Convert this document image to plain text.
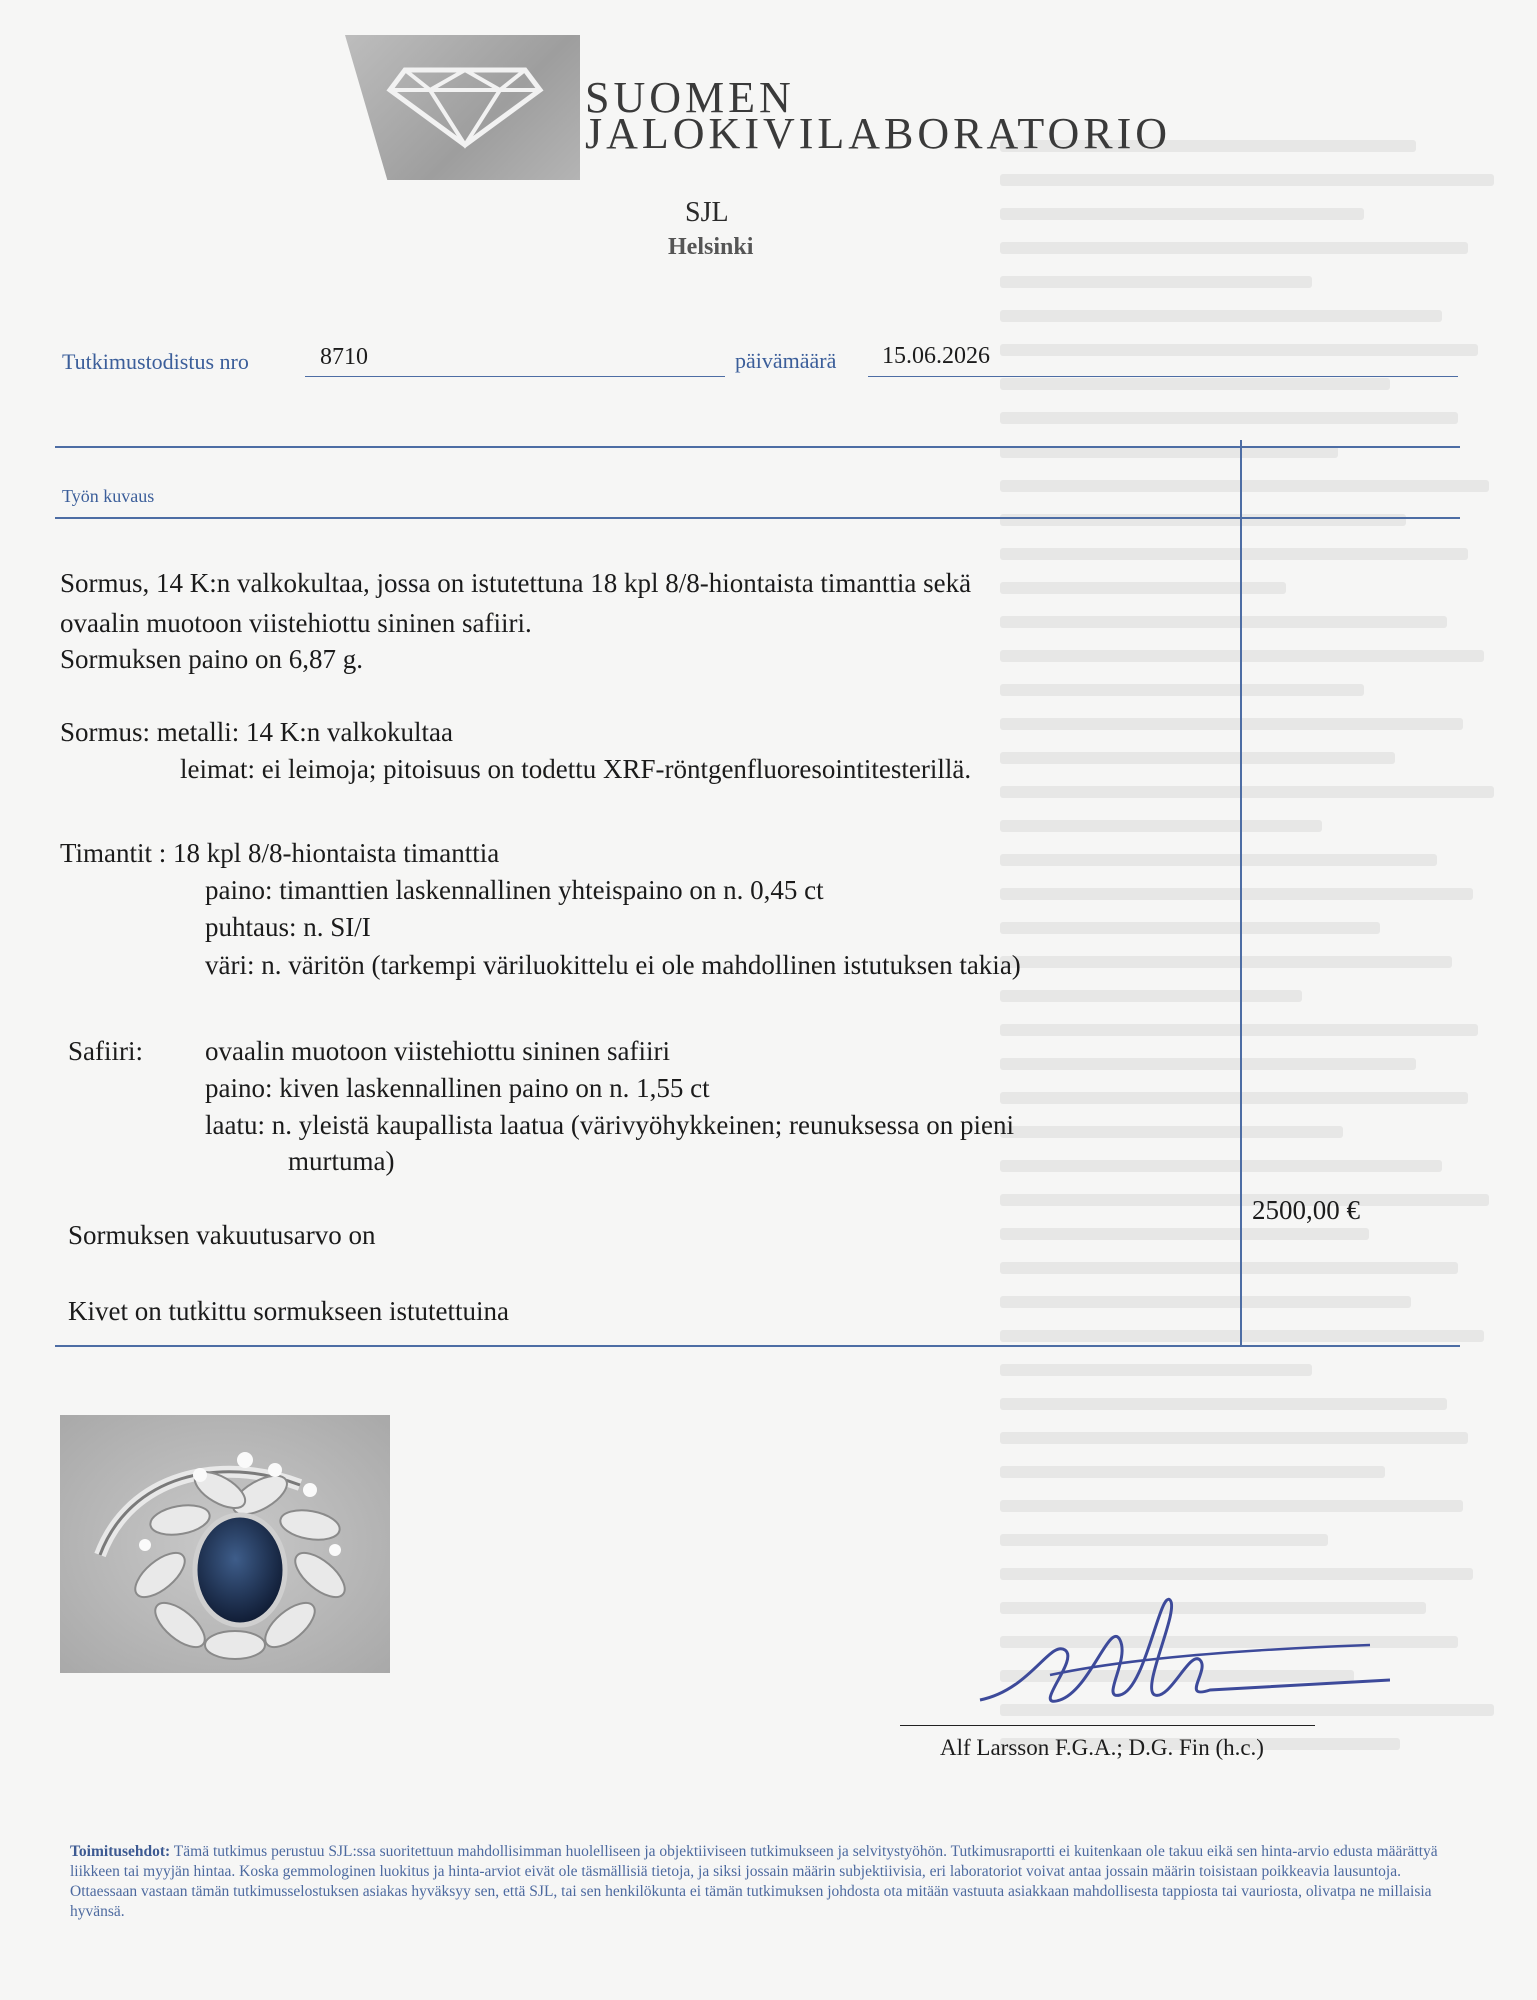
SUOMEN
JALOKIVILABORATORIO
SJL
Helsinki
Tutkimustodistus nro	8710	päivämäärä 15.06.2026
Työn kuvaus
Sormus, 14 K:n valkokultaa, jossa on istutettuna 18 kpl 8/8-hiontaista timanttia sekä
ovaalin muotoon viistehiottu sininen safiiri.
Sormuksen paino on 6,87 g.
Sormus: metalli: 14 K:n valkokultaa
leimat: ei leimoja; pitoisuus on todettu XRF-röntgenfluoresointitesterillä.
Timantit : 18 kpl 8/8-hiontaista timanttia
paino: timanttien laskennallinen yhteispaino on n. 0,45 ct
puhtaus: n. SI/I
väri: n. väritön (tarkempi väriluokittelu ei ole mahdollinen istutuksen takia)
Safiiri: ovaalin muotoon viistehiottu sininen safiiri
paino: kiven laskennallinen paino on n. 1,55 ct
laatu: n. yleistä kaupallista laatua (värivyöhykkeinen; reunuksessa on pieni
murtuma)
Sormuksen vakuutusarvo on
2500,00 €
Kivet on tutkittu sormukseen istutettuina
Alf Larsson F.G.A.; D.G. Fin (h.c.)
Toimitusehdot: Tämä tutkimus perustuu SJL:ssa suoritettuun mahdollisimman huolelliseen ja objektiiviseen tutkimukseen ja selvitystyöhön. Tutkimusraportti ei kuitenkaan ole takuu eikä sen hinta-arvio edusta määrättyä liikkeen tai myyjän hintaa. Koska gemmologinen luokitus ja hinta-arviot eivät ole täsmällisiä tietoja, ja siksi jossain määrin subjektiivisia, eri laboratoriot voivat antaa jossain määrin toisistaan poikkeavia lausuntoja.
Ottaessaan vastaan tämän tutkimusselostuksen asiakas hyväksyy sen, että SJL, tai sen henkilökunta ei tämän tutkimuksen johdosta ota mitään vastuuta asiakkaan mahdollisesta tappiosta tai vauriosta, olivatpa ne millaisia hyvänsä.
